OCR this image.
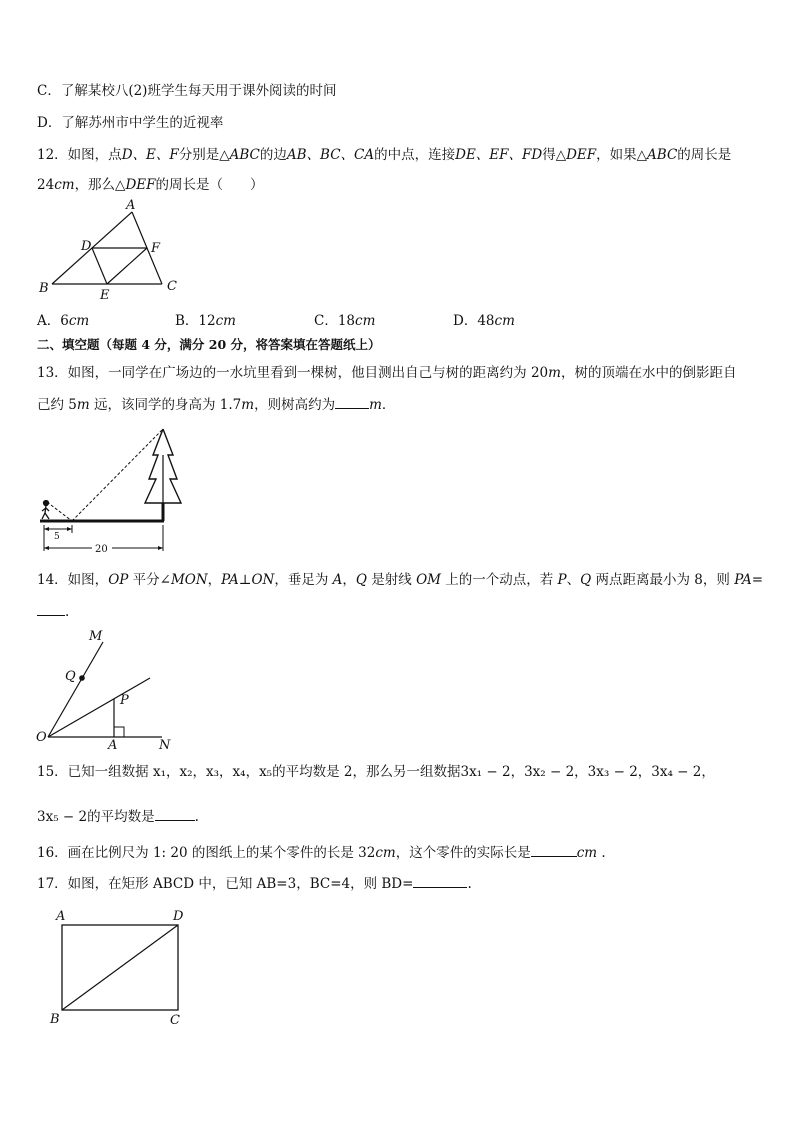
C．了解某校八(2)班学生每天用于课外阅读的时间
D．了解苏州市中学生的近视率
12．如图，点D、E、F分别是△ABC的边AB、BC、CA的中点，连接DE、EF、FD得△DEF，如果△ABC的周长是
24cm，那么△DEF的周长是（　　）
A
B	C
D
E
F
A．6cm	B．12cm	C．18cm	D．48cm
二、填空题（每题 4 分，满分 20 分，将答案填在答题纸上）
13．如图，一同学在广场边的一水坑里看到一棵树，他目测出自己与树的距离约为 20m，树的顶端在水中的倒影距自
己约 5m 远，该同学的身高为 1.7m，则树高约为	m．
5
20
14．如图，OP 平分∠MON，PA⊥ON，垂足为 A，Q 是射线 OM 上的一个动点，若 P、Q 两点距离最小为 8，则 PA=
.
M
Q
P
O
A	N
15．已知一组数据 x₁，x₂，x₃，x₄，x₅的平均数是 2，那么另一组数据3x₁ − 2，3x₂ − 2，3x₃ − 2，3x₄ − 2，
3x₅ − 2的平均数是	.
16．画在比例尺为 1: 20 的图纸上的某个零件的长是 32cm，这个零件的实际长是	cm .
17．如图，在矩形 ABCD 中，已知 AB=3，BC=4，则 BD=	.
A	D
B	C
